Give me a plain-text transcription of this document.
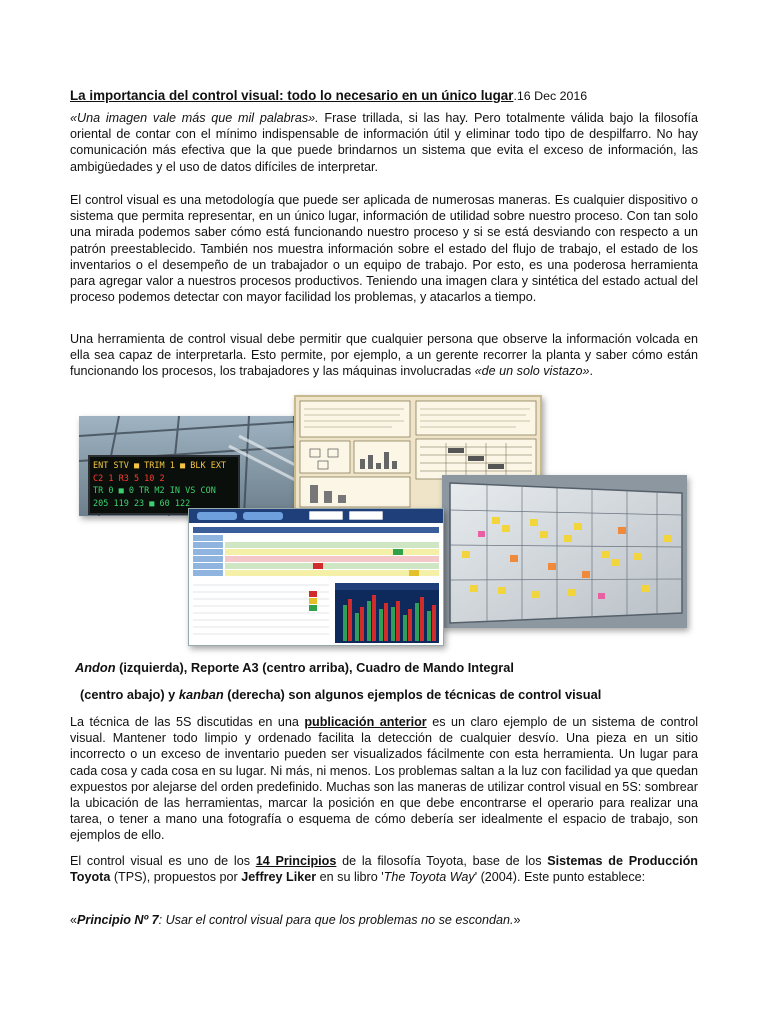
La importancia del control visual: todo lo necesario en un único lugar.16 Dec 2016

«Una imagen vale más que mil palabras». Frase trillada, si las hay. Pero totalmente válida bajo la filosofía oriental de contar con el mínimo indispensable de información útil y eliminar todo tipo de despilfarro. No hay comunicación más efectiva que la que puede brindarnos un sistema que evita el exceso de información, las ambigüedades y el uso de datos difíciles de interpretar.

El control visual es una metodología que puede ser aplicada de numerosas maneras. Es cualquier dispositivo o sistema que permita representar, en un único lugar, información de utilidad sobre nuestro proceso. Con tan solo una mirada podemos saber cómo está funcionando nuestro proceso y si se está desviando con respecto a un patrón preestablecido. También nos muestra información sobre el estado del flujo de trabajo, el estado de los inventarios o el desempeño de un trabajador o un equipo de trabajo. Por esto, es una poderosa herramienta para agregar valor a nuestros procesos productivos. Teniendo una imagen clara y sintética del estado actual del proceso podemos detectar con mayor facilidad los problemas, y atacarlos a tiempo.

Una herramienta de control visual debe permitir que cualquier persona que observe la información volcada en ella sea capaz de interpretarla. Esto permite, por ejemplo, a un gerente recorrer la planta y saber cómo están funcionando los procesos, los trabajadores y las máquinas involucradas «de un solo vistazo».

ENT STV ■ TRIM 1 ■ BLK EXT
C2 1 R3 5 10 2
TR 0 ■ 0 TR M2 IN VS CON
205 119 23 ■ 60 122
Andon (izquierda), Reporte A3 (centro arriba), Cuadro de Mando Integral
(centro abajo) y kanban (derecha) son algunos ejemplos de técnicas de control visual

La técnica de las 5S discutidas en una publicación anterior es un claro ejemplo de un sistema de control visual. Mantener todo limpio y ordenado facilita la detección de cualquier desvío. Una pieza en un sitio incorrecto o un exceso de inventario pueden ser visualizados fácilmente con esta herramienta. Un lugar para cada cosa y cada cosa en su lugar. Ni más, ni menos. Los problemas saltan a la luz con facilidad ya que quedan expuestos por alejarse del orden predefinido. Muchas son las maneras de utilizar control visual en 5S: sombrear la ubicación de las herramientas, marcar la posición en que debe encontrarse el operario para realizar una tarea, o tener a mano una fotografía o esquema de cómo debería ser idealmente el espacio de trabajo, son ejemplos de ello.

El control visual es uno de los 14 Principios de la filosofía Toyota, base de los Sistemas de Producción Toyota (TPS), propuestos por Jeffrey Liker en su libro 'The Toyota Way' (2004). Este punto establece:

«Principio Nº 7: Usar el control visual para que los problemas no se escondan.»
